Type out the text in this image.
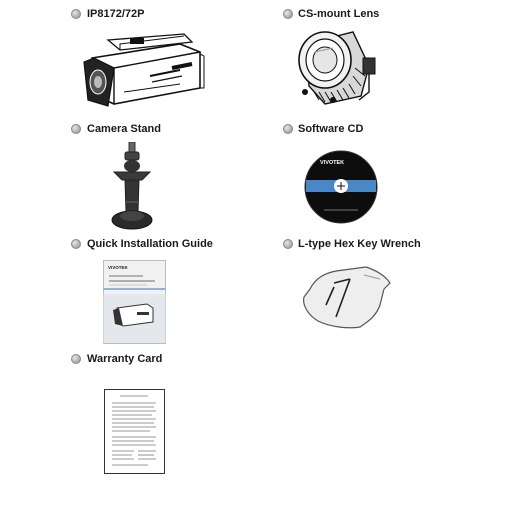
IP8172/72P	CS-mount Lens
Camera Stand	Software CD
VIVOTEK
Quick Installation Guide
VIVOTEK
L-type Hex Key Wrench
Warranty Card
